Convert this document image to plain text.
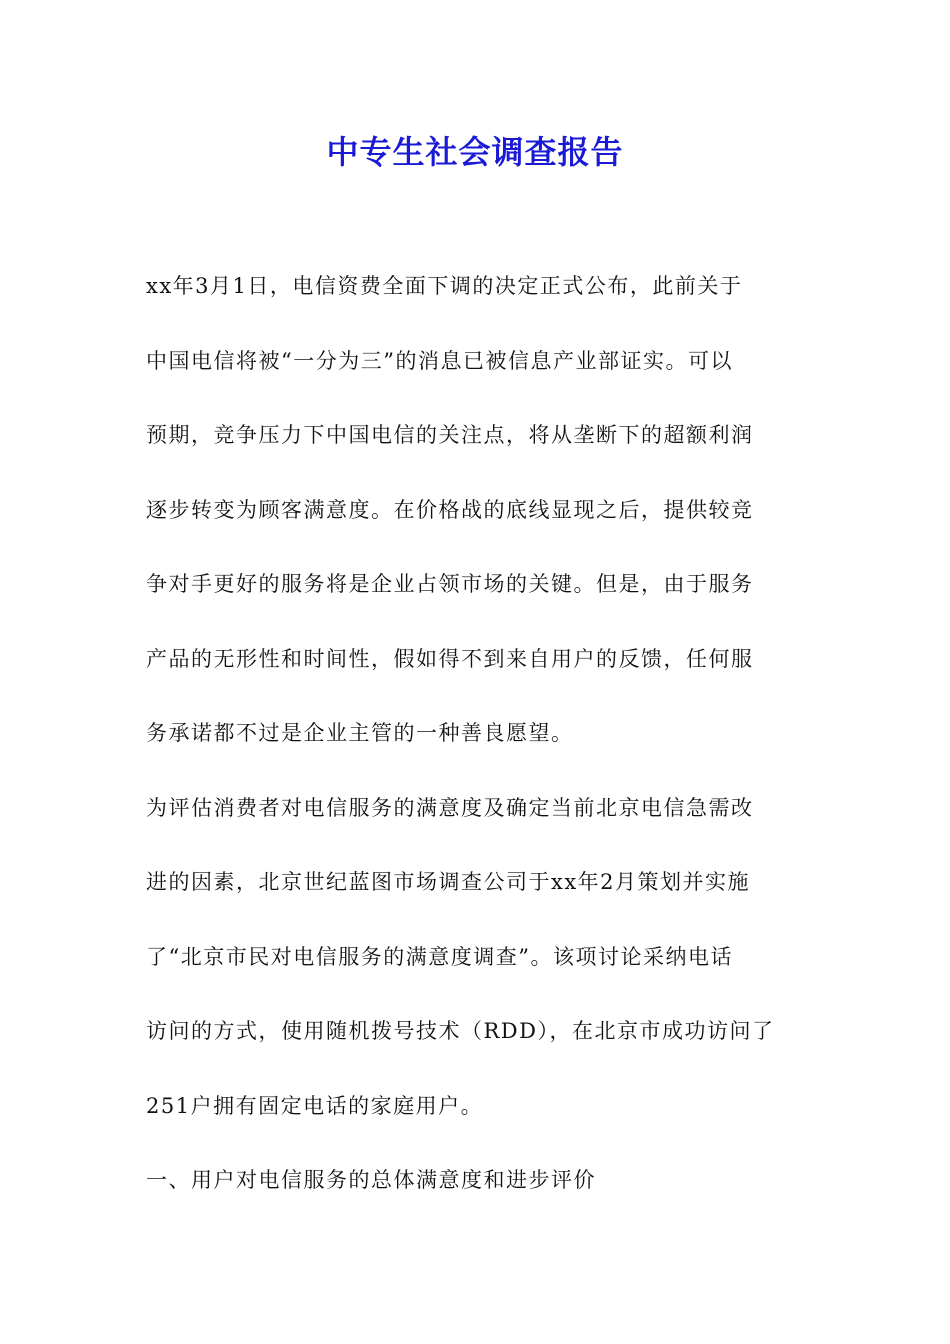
中专生社会调查报告
xx年3月1日，电信资费全面下调的决定正式公布，此前关于
中国电信将被“一分为三”的消息已被信息产业部证实。可以
预期，竞争压力下中国电信的关注点，将从垄断下的超额利润
逐步转变为顾客满意度。在价格战的底线显现之后，提供较竞
争对手更好的服务将是企业占领市场的关键。但是，由于服务
产品的无形性和时间性，假如得不到来自用户的反馈，任何服
务承诺都不过是企业主管的一种善良愿望。
为评估消费者对电信服务的满意度及确定当前北京电信急需改
进的因素，北京世纪蓝图市场调查公司于xx年2月策划并实施
了“北京市民对电信服务的满意度调查”。该项讨论采纳电话
访问的方式，使用随机拨号技术（RDD），在北京市成功访问了
251户拥有固定电话的家庭用户。
一、用户对电信服务的总体满意度和进步评价
